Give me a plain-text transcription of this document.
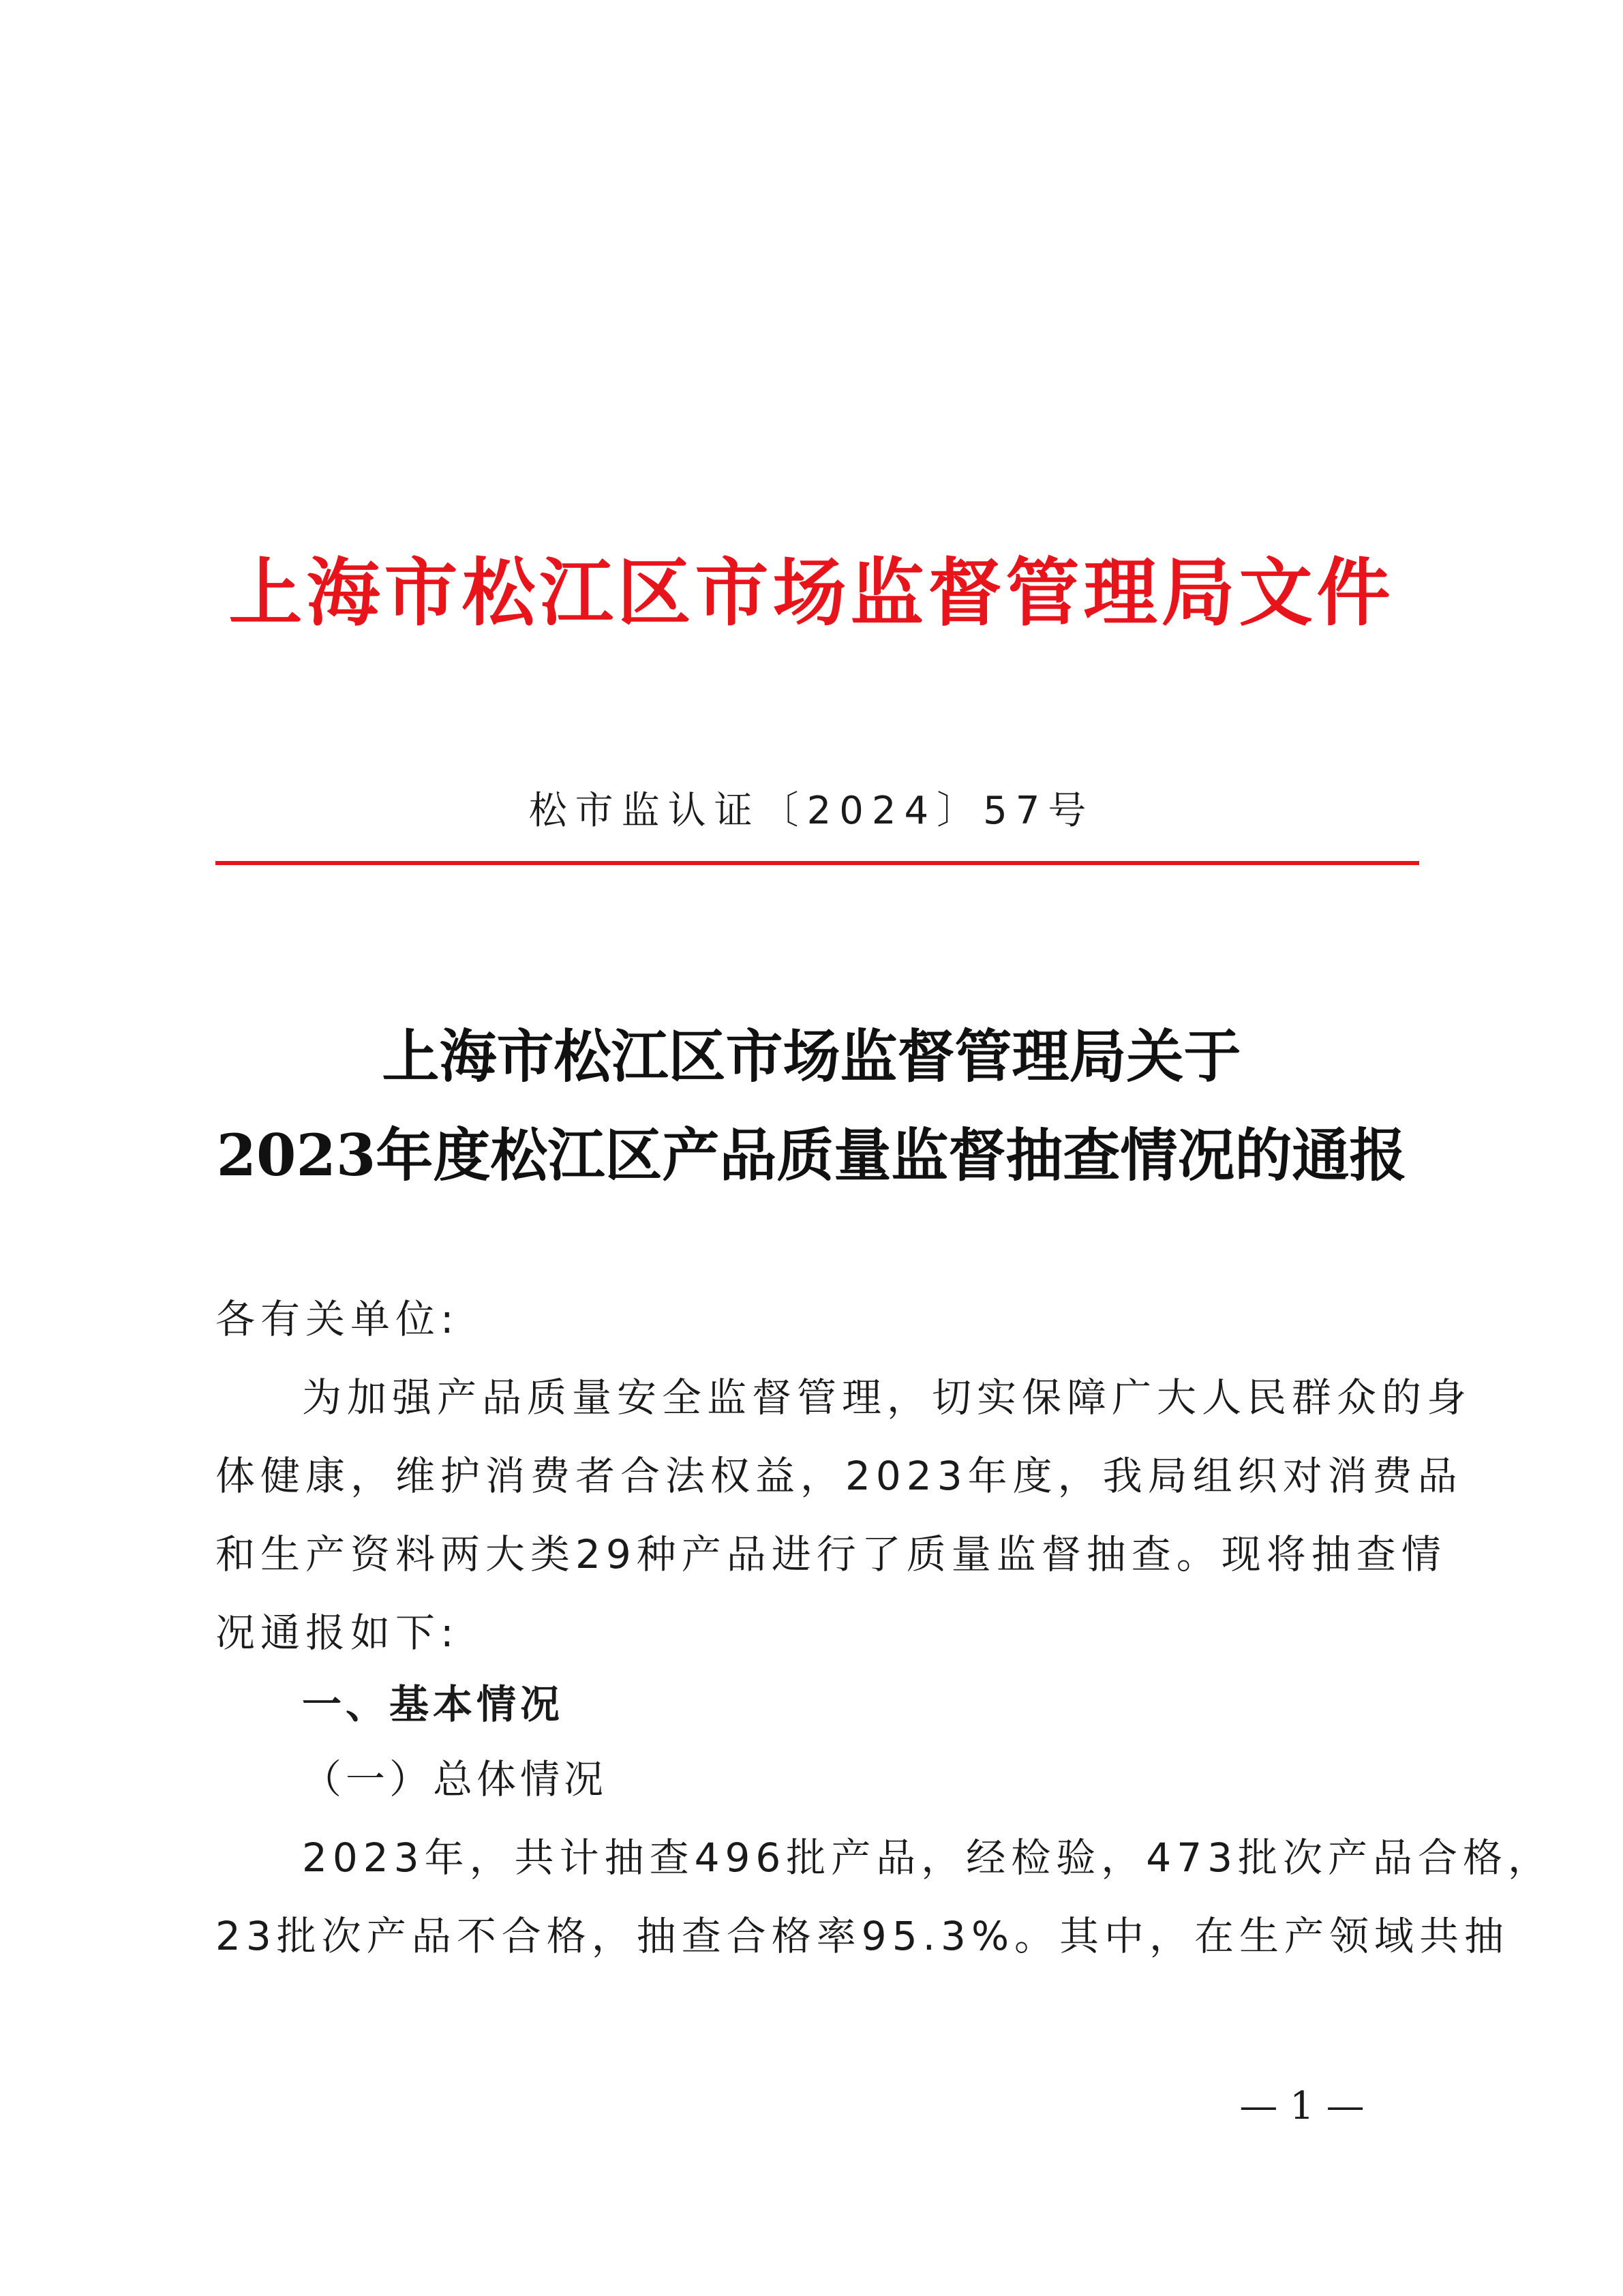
上海市松江区市场监督管理局文件
松市监认证〔2024〕57号
上海市松江区市场监督管理局关于
2023年度松江区产品质量监督抽查情况的通报
各有关单位:
为加强产品质量安全监督管理，切实保障广大人民群众的身
体健康，维护消费者合法权益，2023年度，我局组织对消费品
和生产资料两大类29种产品进行了质量监督抽查。现将抽查情
况通报如下:
一、基本情况
（一）总体情况
2023年，共计抽查496批产品，经检验，473批次产品合格，
23批次产品不合格，抽查合格率95.3%。其中，在生产领域共抽
— 1 —
